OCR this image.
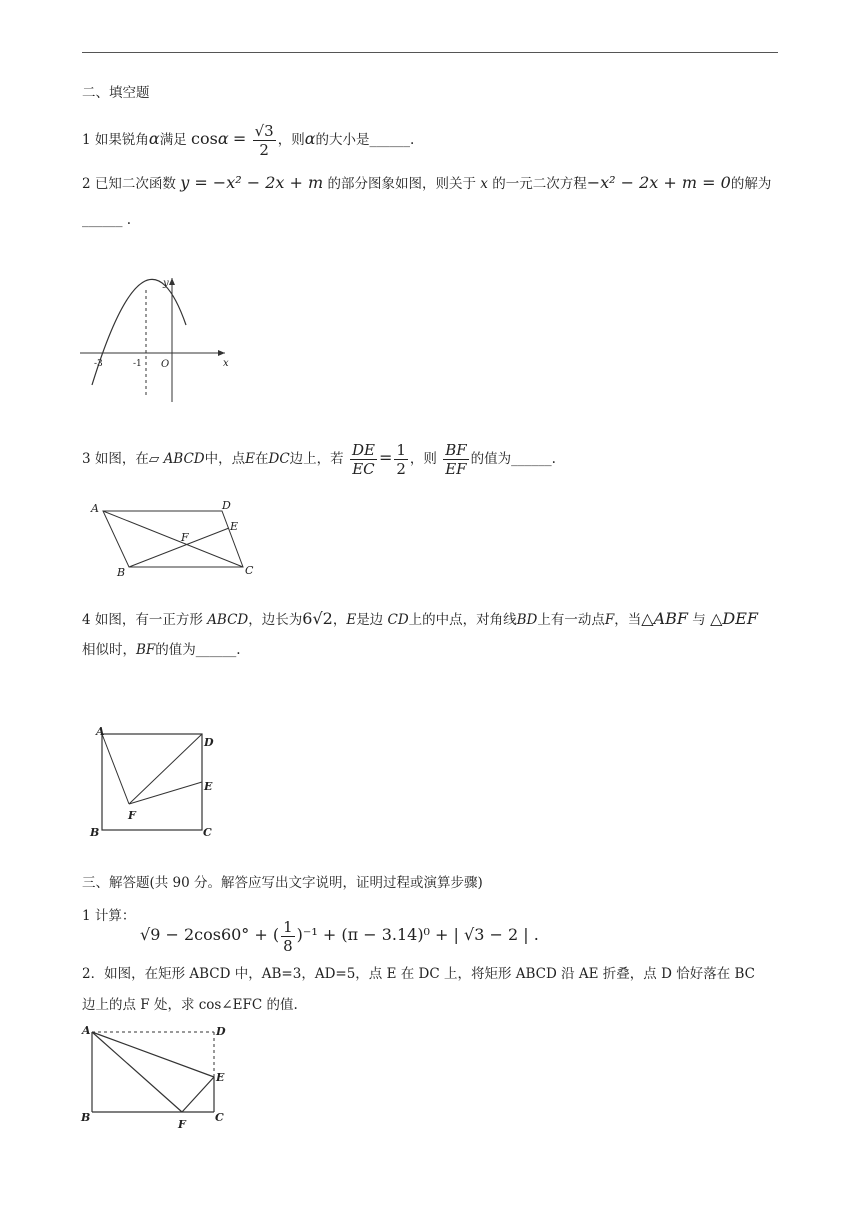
二、填空题
1 如果锐角α满足 $\cos\alpha = \frac{√3}{2}$ ，则α的大小是______.
2 已知二次函数 y = −x² − 2x + m 的部分图象如图，则关于 x 的一元二次方程−x² − 2x + m = 0的解为
______ .
y
x
-3	-1 O
3 如图，在▱ ABCD中，点E在DC边上，若 $\frac{DE}{EC} = \frac{1}{2}$ ，则 $\frac{BF}{EF}$ 的值为______.
A	D
E
F
B	C
4 如图，有一正方形 ABCD，边长为6√2，E是边 CD上的中点，对角线BD上有一动点F，当△ABF 与 △DEF
相似时，BF的值为______.
A
D
E
F
B	C
三、解答题(共 90 分。解答应写出文字说明，证明过程或演算步骤)
1 计算：
√9 − 2cos60° + ( $\frac{1}{8} )^{-1} + (\pi - 3.14)^0$ + | √3 − 2 | .
2．如图，在矩形 ABCD 中，AB=3，AD=5，点 E 在 DC 上，将矩形 ABCD 沿 AE 折叠，点 D 恰好落在 BC
边上的点 F 处，求 cos∠EFC 的值.
A	D
E
B
F
C
